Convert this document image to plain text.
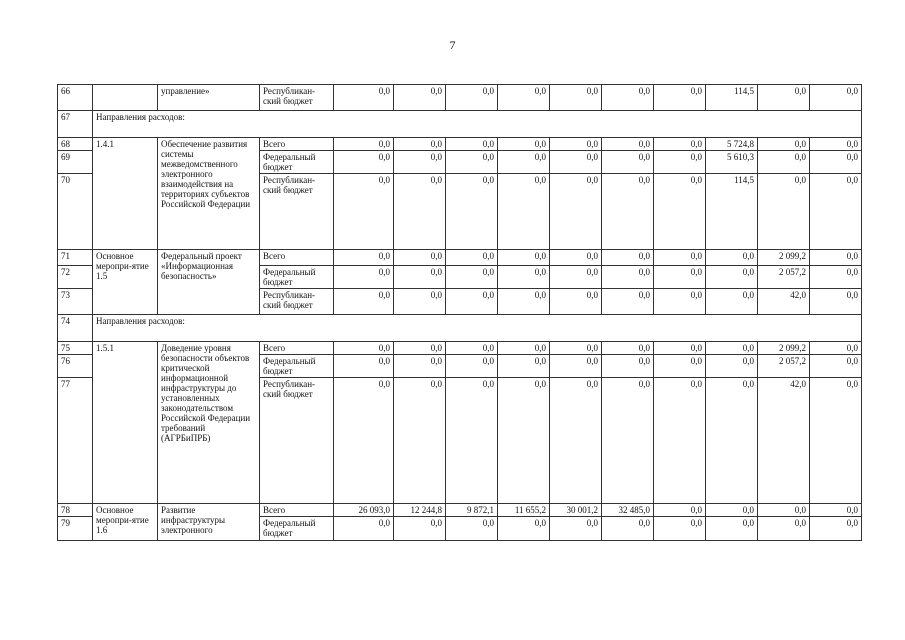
7
66		управление»	Республикан-ский бюджет	0,0	0,0	0,0	0,0	0,0	0,0	0,0	114,5	0,0	0,0
67	Направления расходов:												
68	1.4.1	Обеспечение развития системы межведомственного электронного взаимодействия на территориях субъектов Российской Федерации	Всего	0,0	0,0	0,0	0,0	0,0	0,0	0,0	5 724,8	0,0	0,0
69			Федеральный бюджет	0,0	0,0	0,0	0,0	0,0	0,0	0,0	5 610,3	0,0	0,0
70			Республикан-ский бюджет	0,0	0,0	0,0	0,0	0,0	0,0	0,0	114,5	0,0	0,0
71	Основное меропри-ятие 1.5	Федеральный проект «Информационная безопасность»	Всего	0,0	0,0	0,0	0,0	0,0	0,0	0,0	0,0	2 099,2	0,0
72			Федеральный бюджет	0,0	0,0	0,0	0,0	0,0	0,0	0,0	0,0	2 057,2	0,0
73			Республикан-ский бюджет	0,0	0,0	0,0	0,0	0,0	0,0	0,0	0,0	42,0	0,0
74	Направления расходов:												
75	1.5.1	Доведение уровня безопасности объектов критической информационной инфраструктуры до установленных законодательством Российской Федерации требований (АГРБиПРБ)	Всего	0,0	0,0	0,0	0,0	0,0	0,0	0,0	0,0	2 099,2	0,0
76			Федеральный бюджет	0,0	0,0	0,0	0,0	0,0	0,0	0,0	0,0	2 057,2	0,0
77			Республикан-ский бюджет	0,0	0,0	0,0	0,0	0,0	0,0	0,0	0,0	42,0	0,0
78	Основное меропри-ятие 1.6	Развитие инфраструктуры электронного	Всего	26 093,0	12 244,8	9 872,1	11 655,2	30 001,2	32 485,0	0,0	0,0	0,0	0,0
79			Федеральный бюджет	0,0	0,0	0,0	0,0	0,0	0,0	0,0	0,0	0,0	0,0
